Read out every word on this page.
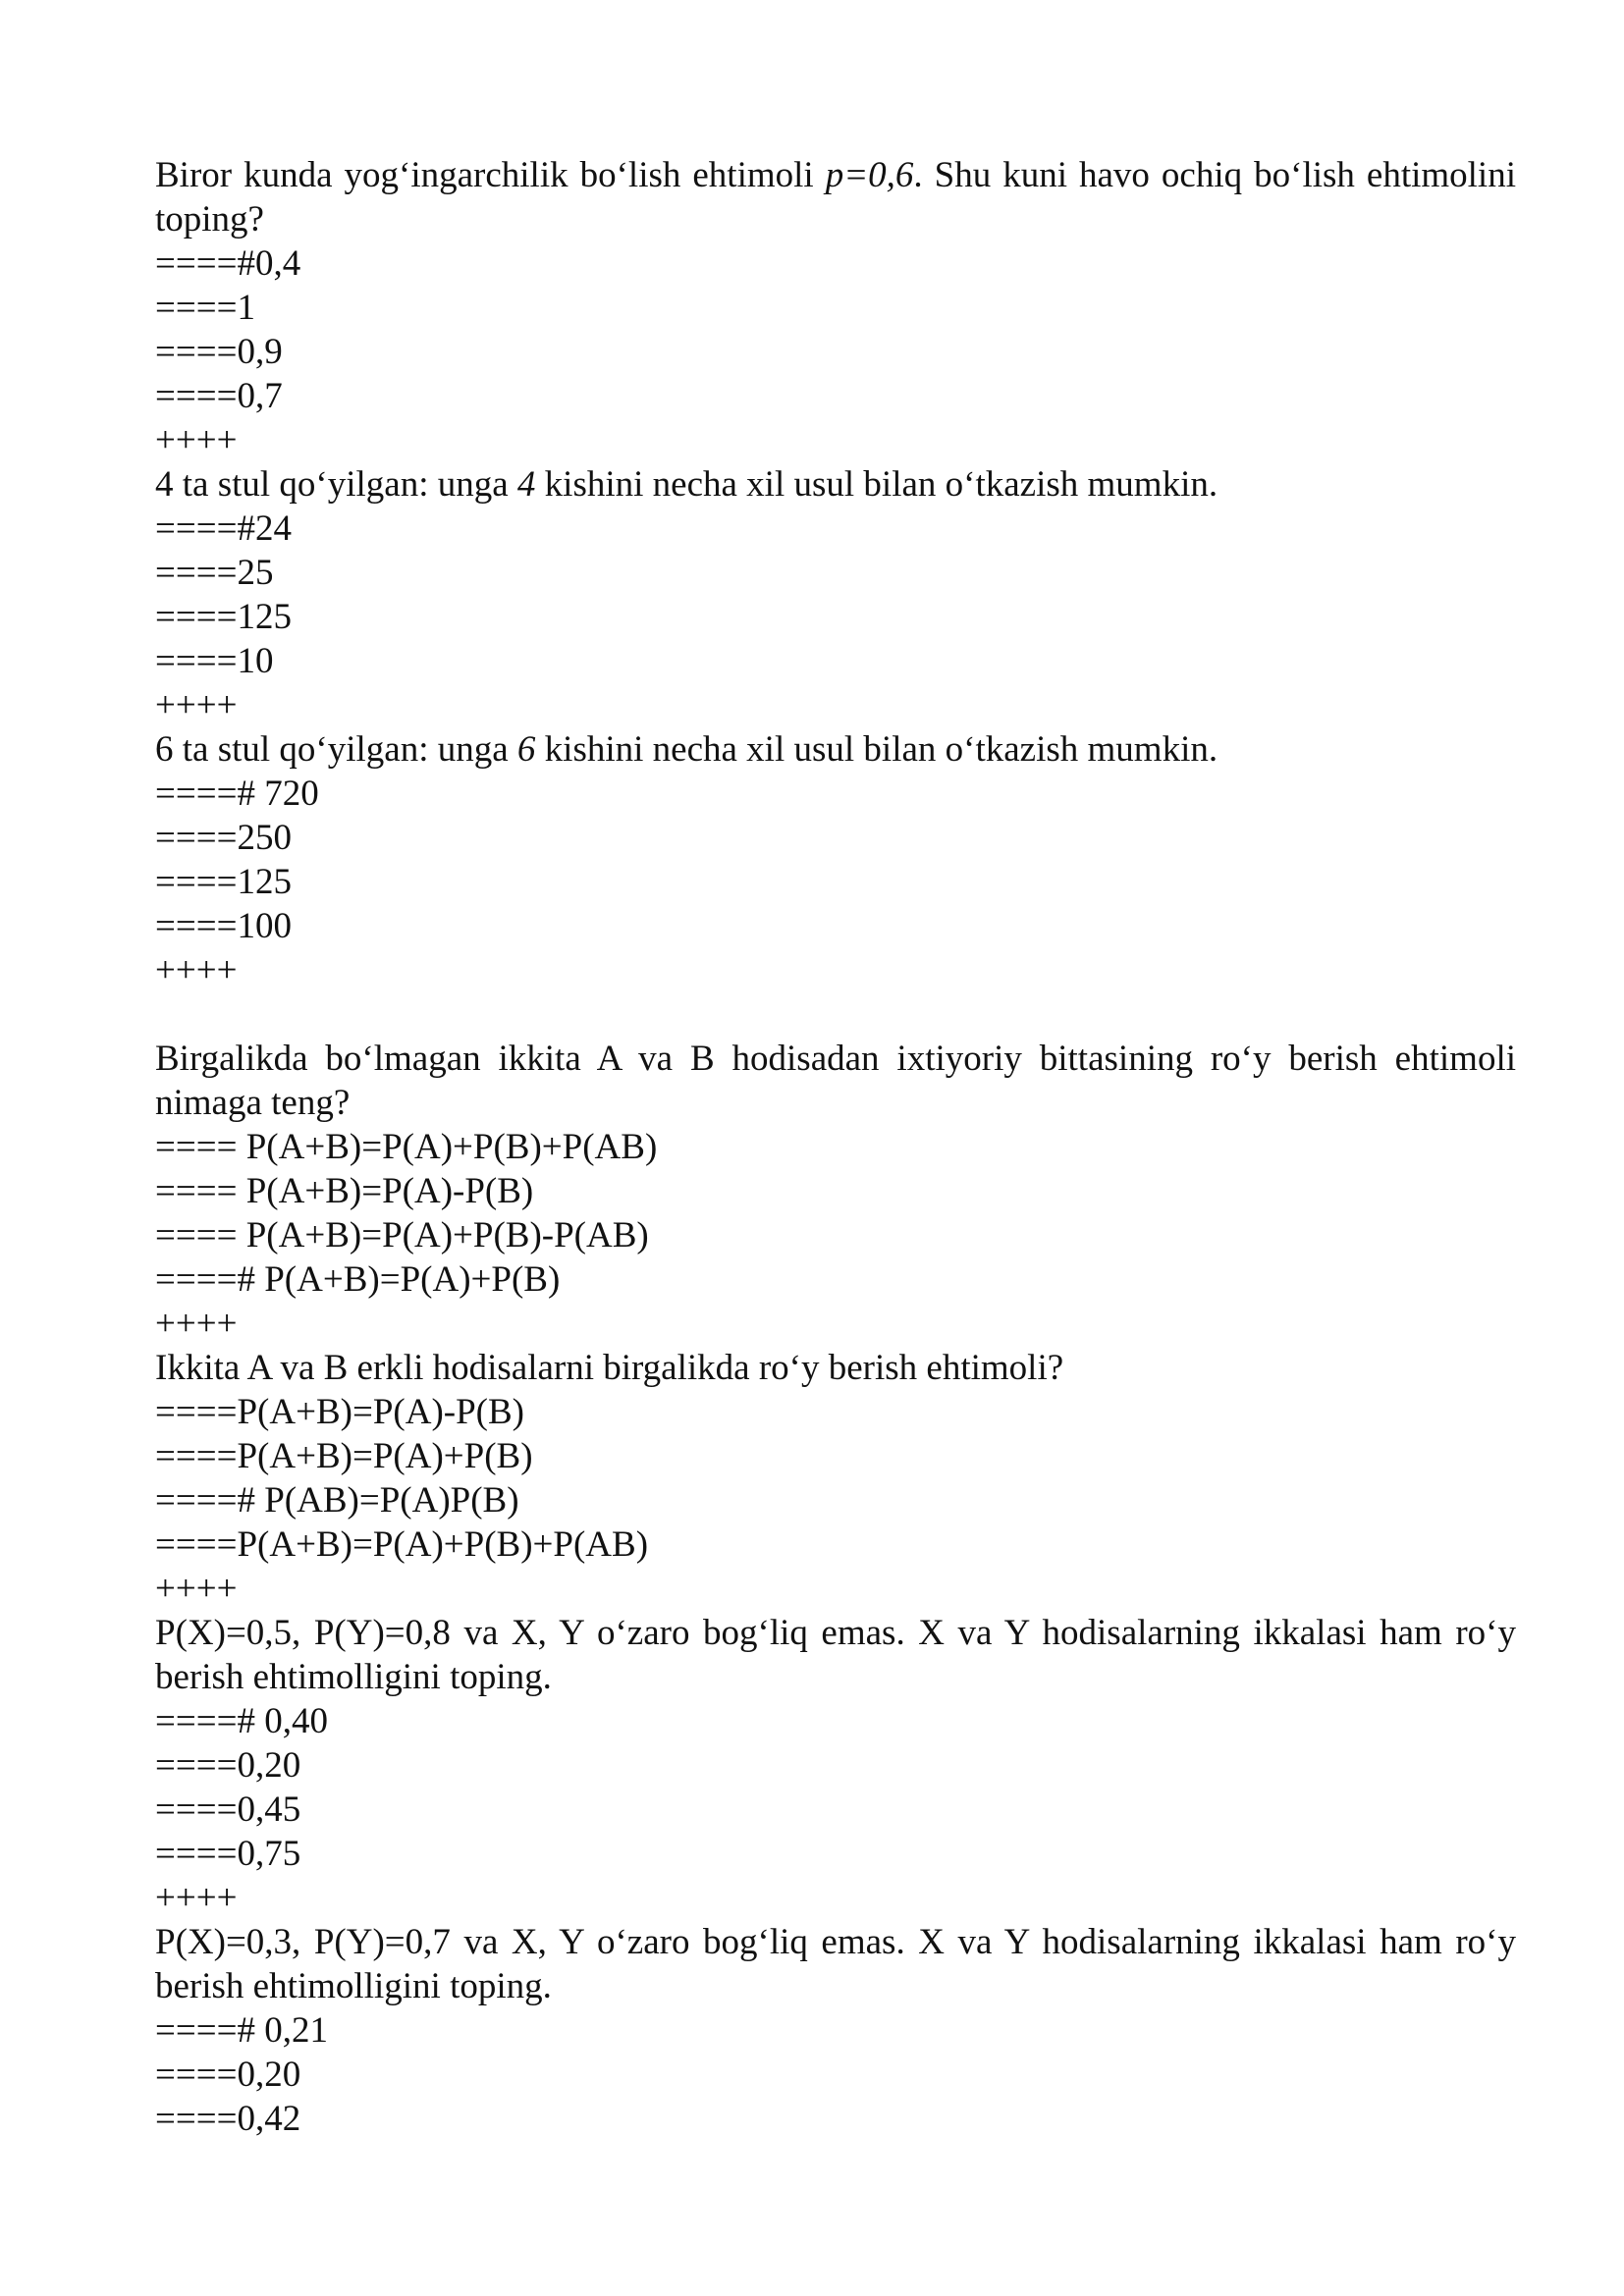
Biror kunda yog‘ingarchilik bo‘lish ehtimoli p=0,6. Shu kuni havo ochiq bo‘lish ehtimolini toping?
====#0,4
====1
====0,9
====0,7
++++
4 ta stul qo‘yilgan: unga 4 kishini necha xil usul bilan o‘tkazish mumkin.
====#24
====25
====125
====10
++++
6 ta stul qo‘yilgan: unga 6 kishini necha xil usul bilan o‘tkazish mumkin.
====# 720
====250
====125
====100
++++
Birgalikda bo‘lmagan ikkita A va B hodisadan ixtiyoriy bittasining ro‘y berish ehtimoli nimaga teng?
==== P(A+B)=P(A)+P(B)+P(AB)
==== P(A+B)=P(A)-P(B)
==== P(A+B)=P(A)+P(B)-P(AB)
====# P(A+B)=P(A)+P(B)
++++
Ikkita A va B erkli hodisalarni birgalikda ro‘y berish ehtimoli?
====P(A+B)=P(A)-P(B)
====P(A+B)=P(A)+P(B)
====# P(AB)=P(A)P(B)
====P(A+B)=P(A)+P(B)+P(AB)
++++
P(X)=0,5, P(Y)=0,8 va X, Y o‘zaro bog‘liq emas. X va Y hodisalarning ikkalasi ham ro‘y berish ehtimolligini toping.
====# 0,40
====0,20
====0,45
====0,75
++++
P(X)=0,3, P(Y)=0,7 va X, Y o‘zaro bog‘liq emas. X va Y hodisalarning ikkalasi ham ro‘y berish ehtimolligini toping.
====# 0,21
====0,20
====0,42
